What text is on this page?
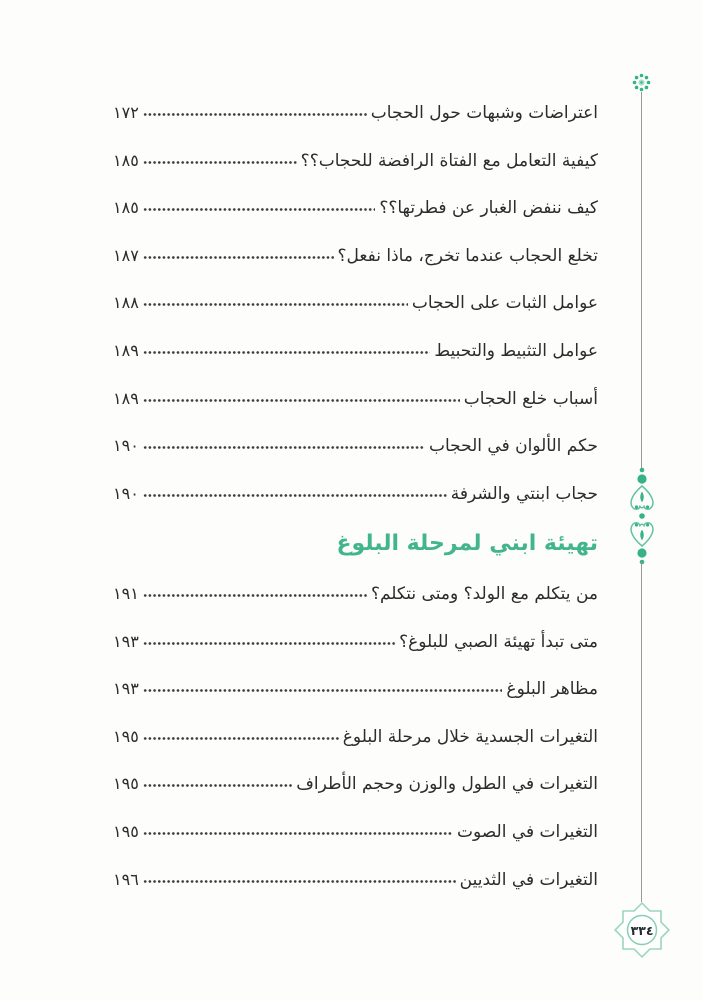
اعتراضات وشبهات حول الحجاب
١٧٢
كيفية التعامل مع الفتاة الرافضة للحجاب؟؟
١٨٥
كيف ننفض الغبار عن فطرتها؟؟
١٨٥
تخلع الحجاب عندما تخرج، ماذا نفعل؟
١٨٧
عوامل الثبات على الحجاب
١٨٨
عوامل التثبيط والتحبيط
١٨٩
أسباب خلع الحجاب
١٨٩
حكم الألوان في الحجاب
١٩٠
حجاب ابنتي والشرفة
١٩٠
تهيئة ابني لمرحلة البلوغ
من يتكلم مع الولد؟ ومتى نتكلم؟
١٩١
متى تبدأ تهيئة الصبي للبلوغ؟
١٩٣
مظاهر البلوغ
١٩٣
التغيرات الجسدية خلال مرحلة البلوغ
١٩٥
التغيرات في الطول والوزن وحجم الأطراف
١٩٥
التغيرات في الصوت
١٩٥
التغيرات في الثديين
١٩٦
٣٣٤
